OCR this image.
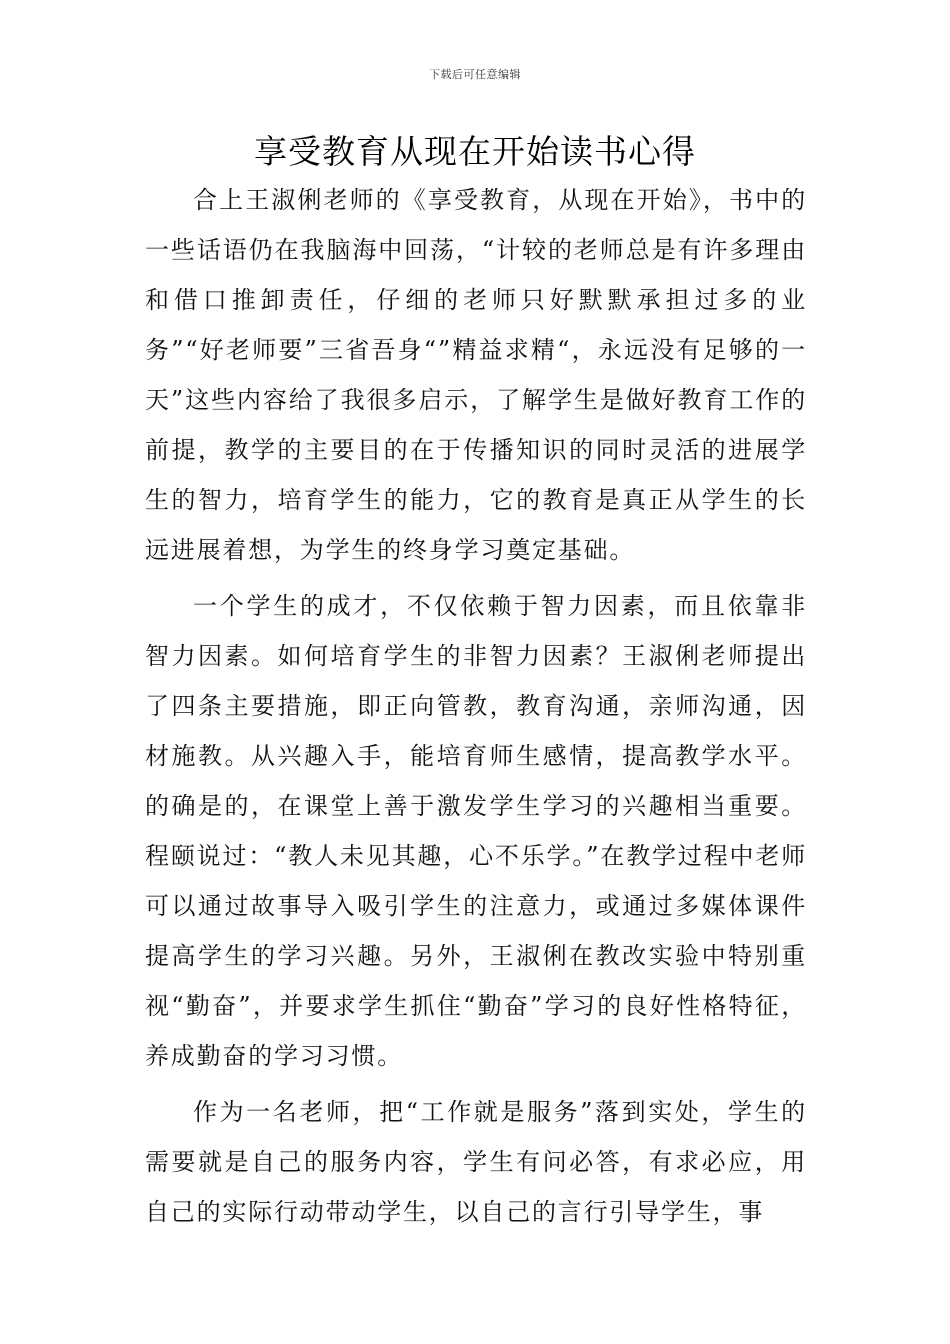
下载后可任意编辑
享受教育从现在开始读书心得

合上王淑俐老师的《享受教育，从现在开始》，书中的一些话语仍在我脑海中回荡，“计较的老师总是有许多理由和借口推卸责任，仔细的老师只好默默承担过多的业务”“好老师要”三省吾身“”精益求精“，永远没有足够的一天”这些内容给了我很多启示，了解学生是做好教育工作的前提，教学的主要目的在于传播知识的同时灵活的进展学生的智力，培育学生的能力，它的教育是真正从学生的长远进展着想，为学生的终身学习奠定基础。

一个学生的成才，不仅依赖于智力因素，而且依靠非智力因素。如何培育学生的非智力因素？王淑俐老师提出了四条主要措施，即正向管教，教育沟通，亲师沟通，因材施教。从兴趣入手，能培育师生感情，提高教学水平。的确是的，在课堂上善于激发学生学习的兴趣相当重要。程颐说过：“教人未见其趣，心不乐学。”在教学过程中老师可以通过故事导入吸引学生的注意力，或通过多媒体课件提高学生的学习兴趣。另外，王淑俐在教改实验中特别重视“勤奋”，并要求学生抓住“勤奋”学习的良好性格特征，养成勤奋的学习习惯。

作为一名老师，把“工作就是服务”落到实处，学生的需要就是自己的服务内容，学生有问必答，有求必应，用自己的实际行动带动学生，以自己的言行引导学生，事
